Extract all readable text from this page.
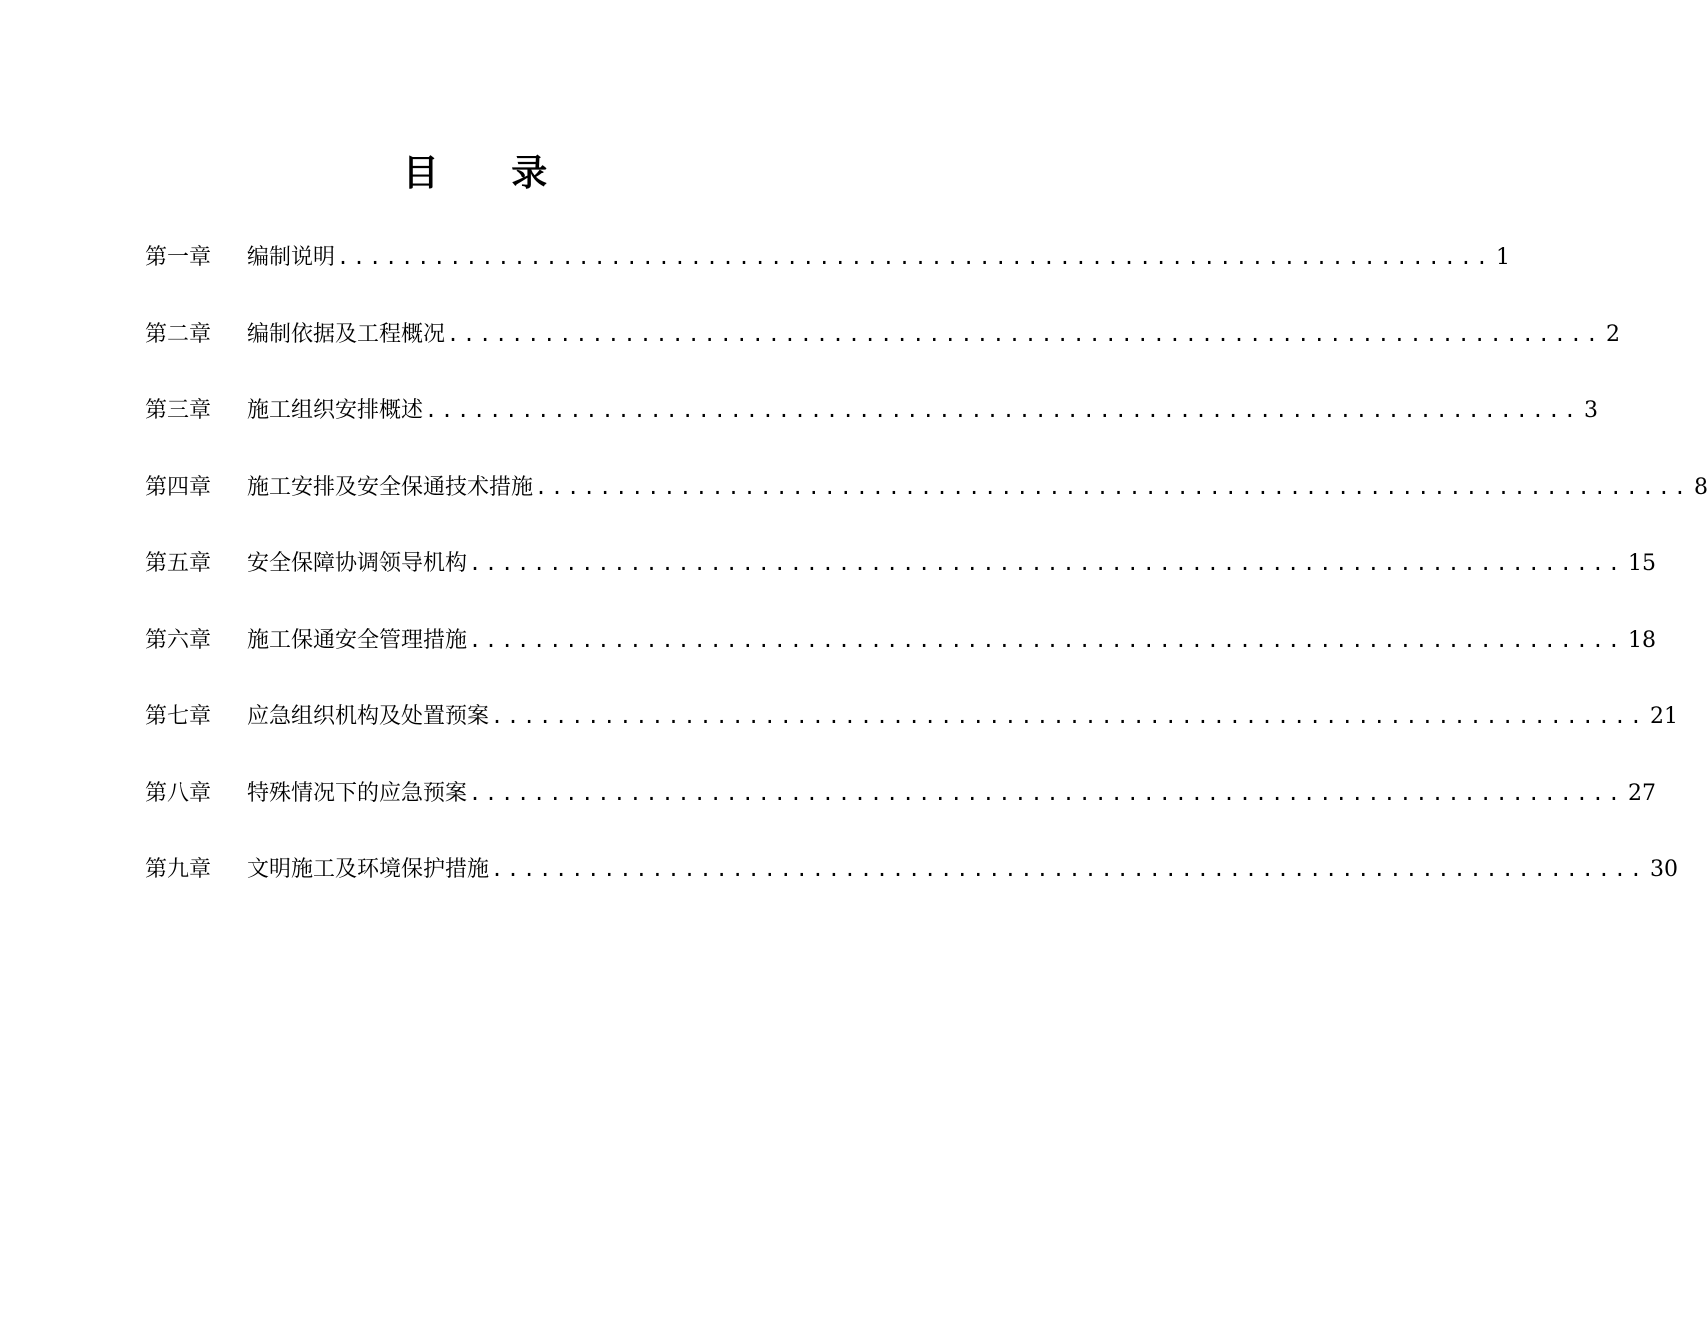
目 录
第一章	编制说明 ........................................................................ 1
第二章	编制依据及工程概况 ........................................................................ 2
第三章	施工组织安排概述 ........................................................................ 3
第四章	施工安排及安全保通技术措施 ........................................................................ 8
第五章	安全保障协调领导机构 ........................................................................ 15
第六章	施工保通安全管理措施 ........................................................................ 18
第七章	应急组织机构及处置预案 ........................................................................ 21
第八章	特殊情况下的应急预案 ........................................................................ 27
第九章	文明施工及环境保护措施 ........................................................................ 30
